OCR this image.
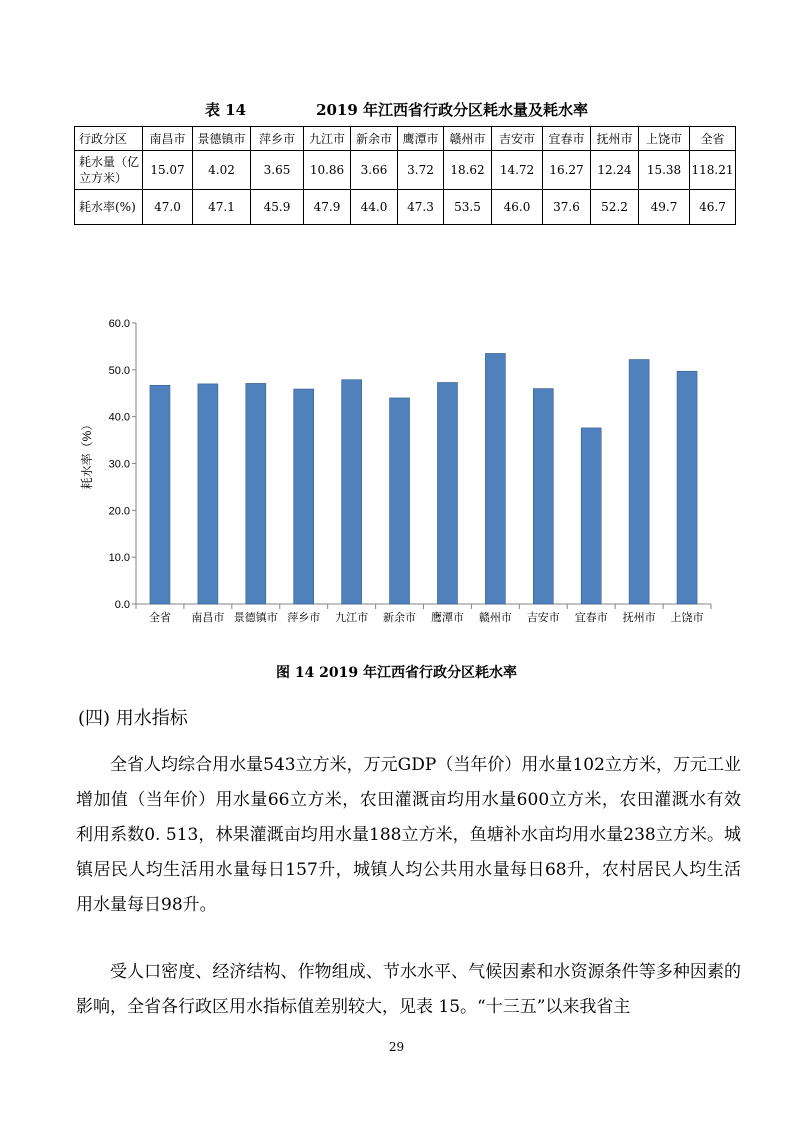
表 14	2019 年江西省行政分区耗水量及耗水率
行政分区	南昌市	景德镇市	萍乡市	九江市	新余市	鹰潭市	赣州市	吉安市	宜春市	抚州市	上饶市	全省
耗水量（亿立方米）	15.07	4.02	3.65	10.86	3.66	3.72	18.62	14.72	16.27	12.24	15.38	118.21
耗水率(%)	47.0	47.1	45.9	47.9	44.0	47.3	53.5	46.0	37.6	52.2	49.7	46.7
0.0
10.0
20.0
30.0
40.0
50.0
60.0
全省 南昌市 景德镇市 萍乡市 九江市 新余市 鹰潭市 赣州市 吉安市 宜春市 抚州市 上饶市
耗水率（%）
图 14 2019 年江西省行政分区耗水率
(四) 用水指标

全省人均综合用水量543立方米，万元GDP（当年价）用水量102立方米，万元工业增加值（当年价）用水量66立方米，农田灌溉亩均用水量600立方米，农田灌溉水有效利用系数0. 513，林果灌溉亩均用水量188立方米，鱼塘补水亩均用水量238立方米。城镇居民人均生活用水量每日157升，城镇人均公共用水量每日68升，农村居民人均生活用水量每日98升。

受人口密度、经济结构、作物组成、节水水平、气候因素和水资源条件等多种因素的影响，全省各行政区用水指标值差别较大，见表 15。“十三五”以来我省主

29
